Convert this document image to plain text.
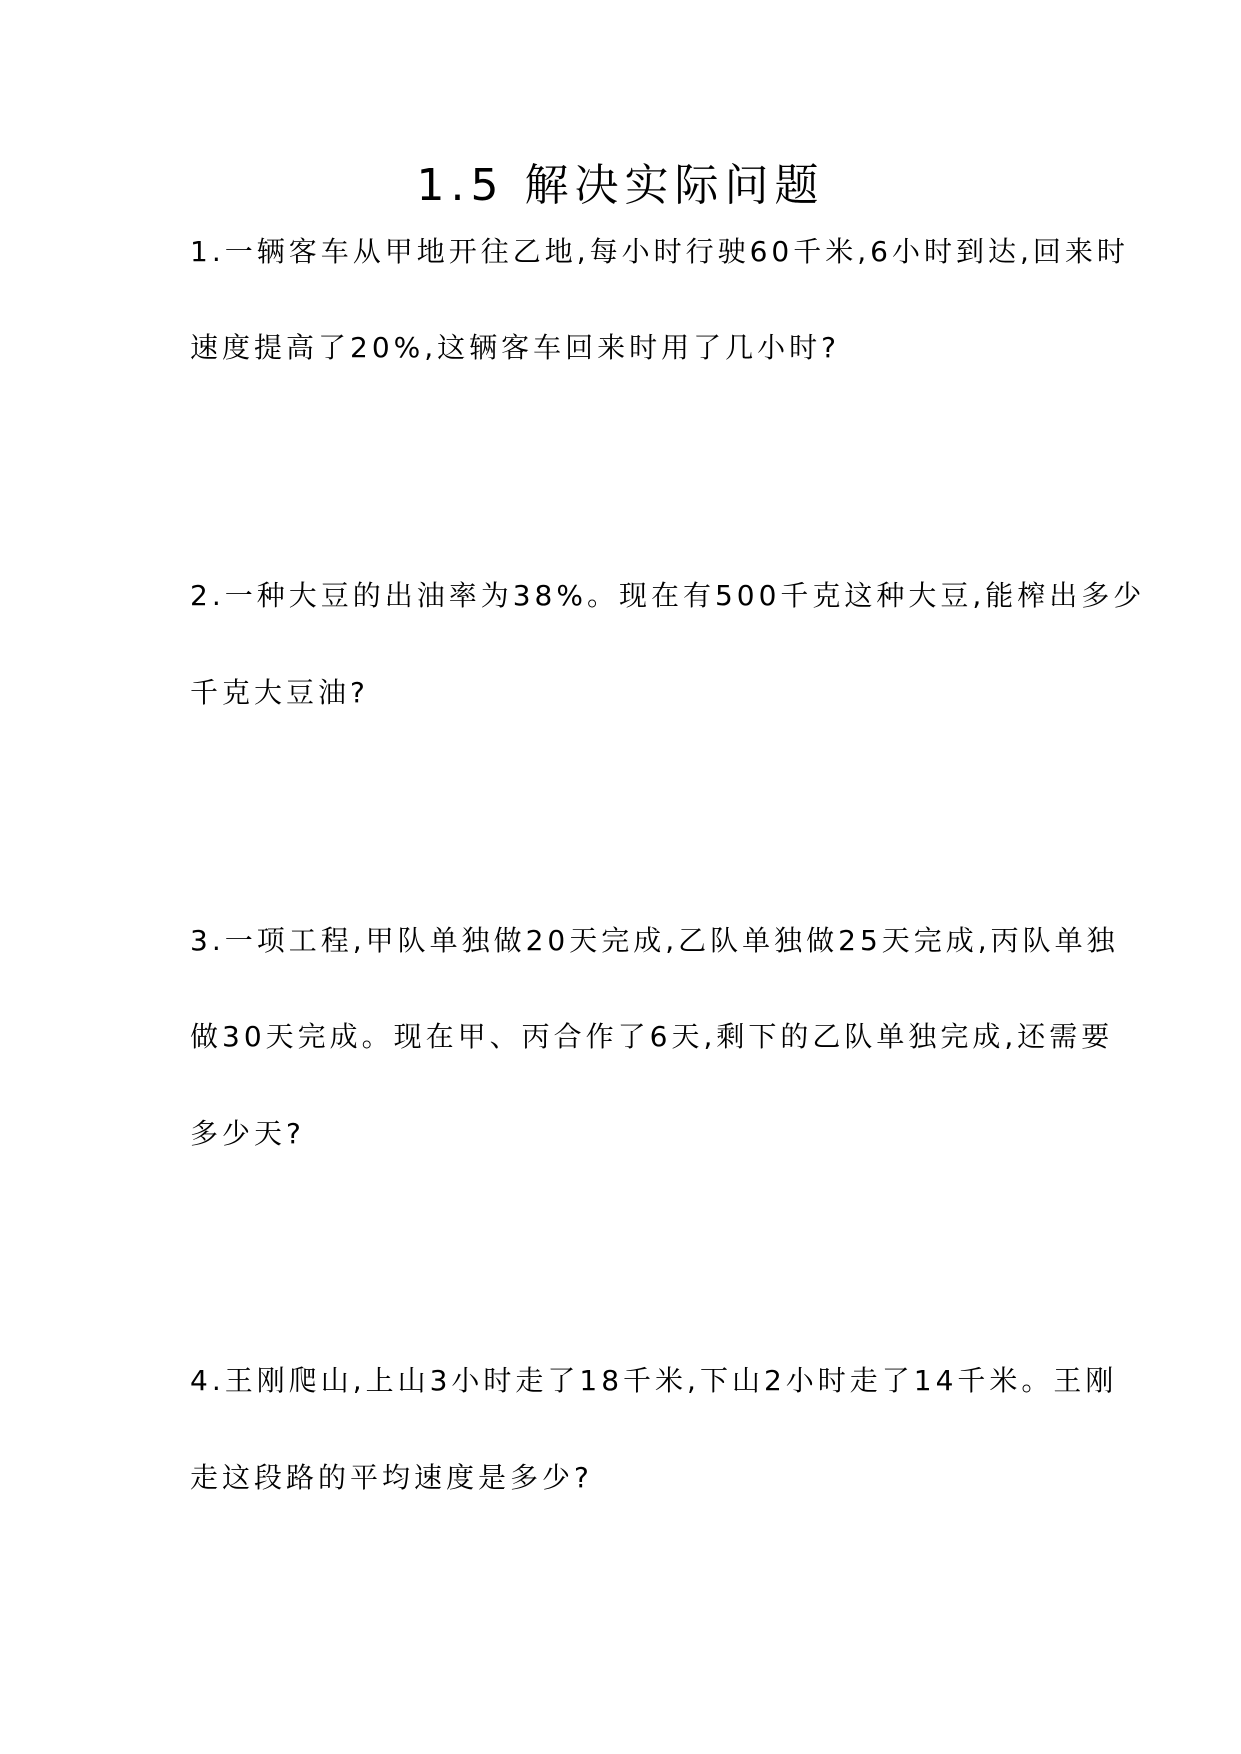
1.5 解决实际问题
1.一辆客车从甲地开往乙地,每小时行驶60千米,6小时到达,回来时
速度提高了20%,这辆客车回来时用了几小时?
2.一种大豆的出油率为38%。现在有500千克这种大豆,能榨出多少
千克大豆油?
3.一项工程,甲队单独做20天完成,乙队单独做25天完成,丙队单独
做30天完成。现在甲、丙合作了6天,剩下的乙队单独完成,还需要
多少天?
4.王刚爬山,上山3小时走了18千米,下山2小时走了14千米。王刚
走这段路的平均速度是多少?
